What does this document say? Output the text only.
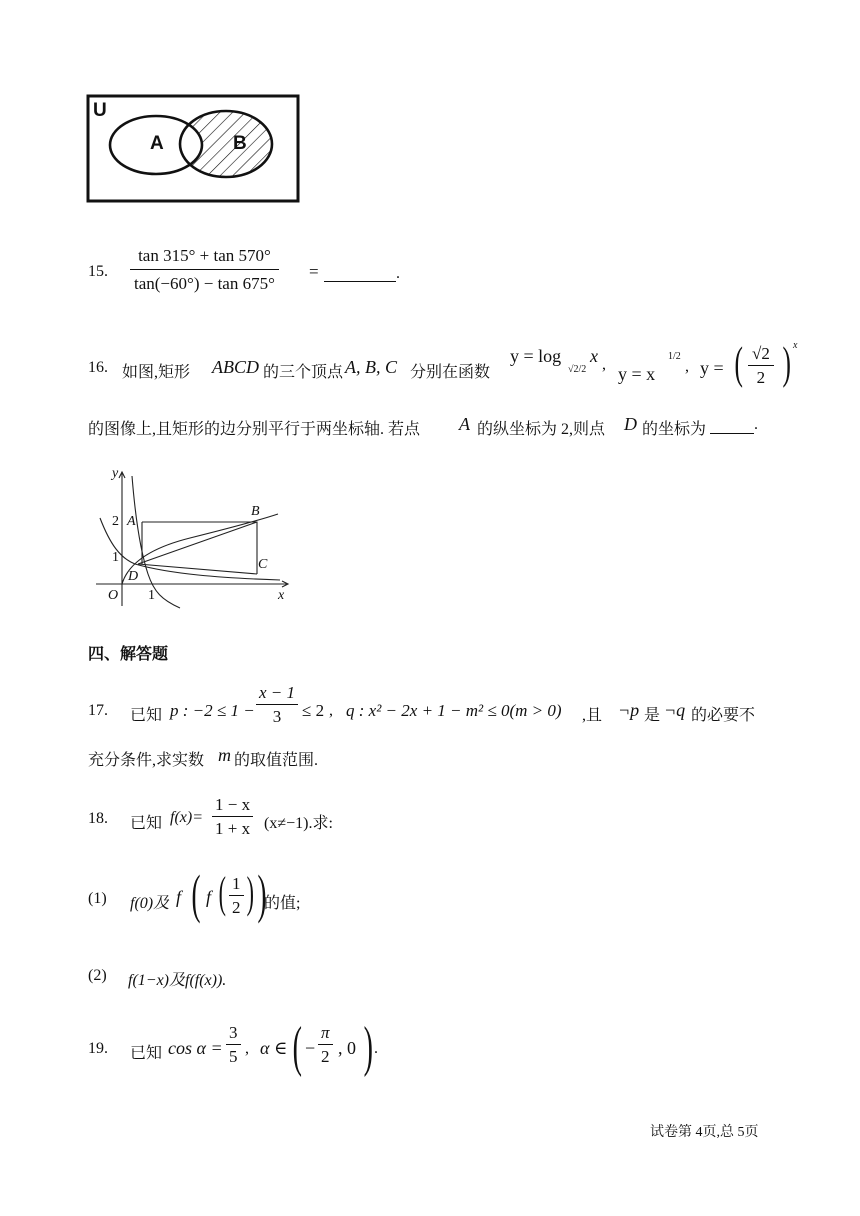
U
A	B
15.
tan 315° + tan 570°
tan(−60°) − tan 675°
=	.
16. 如图,矩形 ABCD 的三个顶点 A, B, C 分别在函数
y = log
√2/2
x , y = x
1/2
, y = ( √2
2 ) x
的图像上,且矩形的边分别平行于两坐标轴. 若点 A 的纵坐标为 2,则点 D 的坐标为	.
y
x
O
2
1
1
A
B
C
D
四、解答题
17. 已知 p : −2 ≤ 1 −
x − 1
3 ≤ 2 , q : x² − 2x + 1 − m² ≤ 0(m > 0) ,且 ¬p 是 ¬q 的必要不
充分条件,求实数 m 的取值范围.
18. 已知 f(x)=
1 − x
1 + x (x≠−1).求:
(1) f(0)及 f ( f ( 1
2 ) )
的值;
(2) f(1−x)及f(f(x)).
19. 已知 cos α =
3
5 , α ∈ ( −
π
2 , 0 ) .
试卷第 4页,总 5页
